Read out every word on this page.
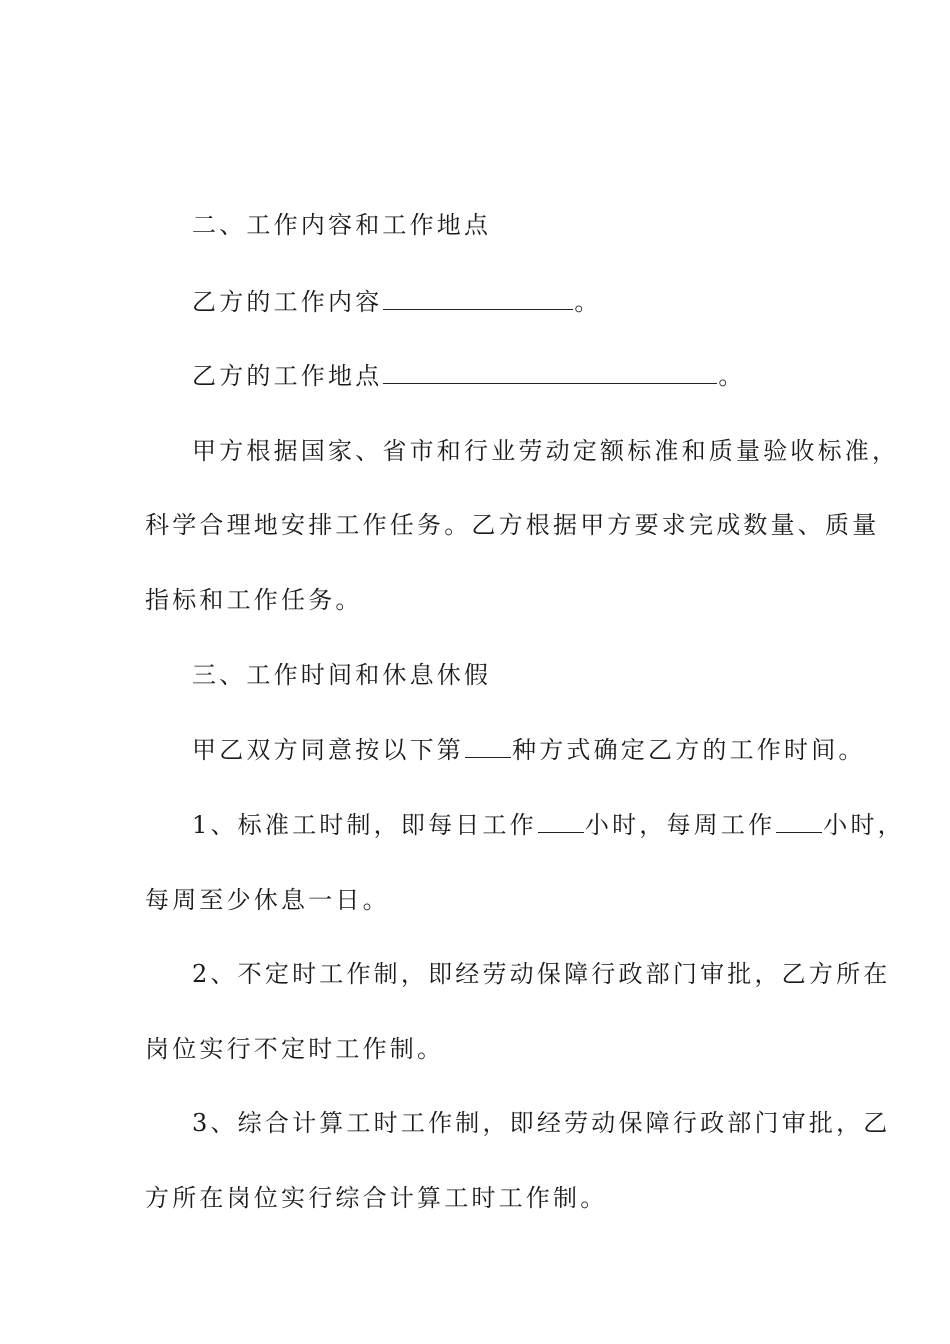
二、工作内容和工作地点
乙方的工作内容	。
乙方的工作地点	。
甲方根据国家、省市和行业劳动定额标准和质量验收标准，
科学合理地安排工作任务。乙方根据甲方要求完成数量、质量
指标和工作任务。
三、工作时间和休息休假
甲乙双方同意按以下第 种方式确定乙方的工作时间。
1、标准工时制，即每日工作 小时，每周工作 小时，
每周至少休息一日。
2、不定时工作制，即经劳动保障行政部门审批，乙方所在
岗位实行不定时工作制。
3、综合计算工时工作制，即经劳动保障行政部门审批，乙
方所在岗位实行综合计算工时工作制。
